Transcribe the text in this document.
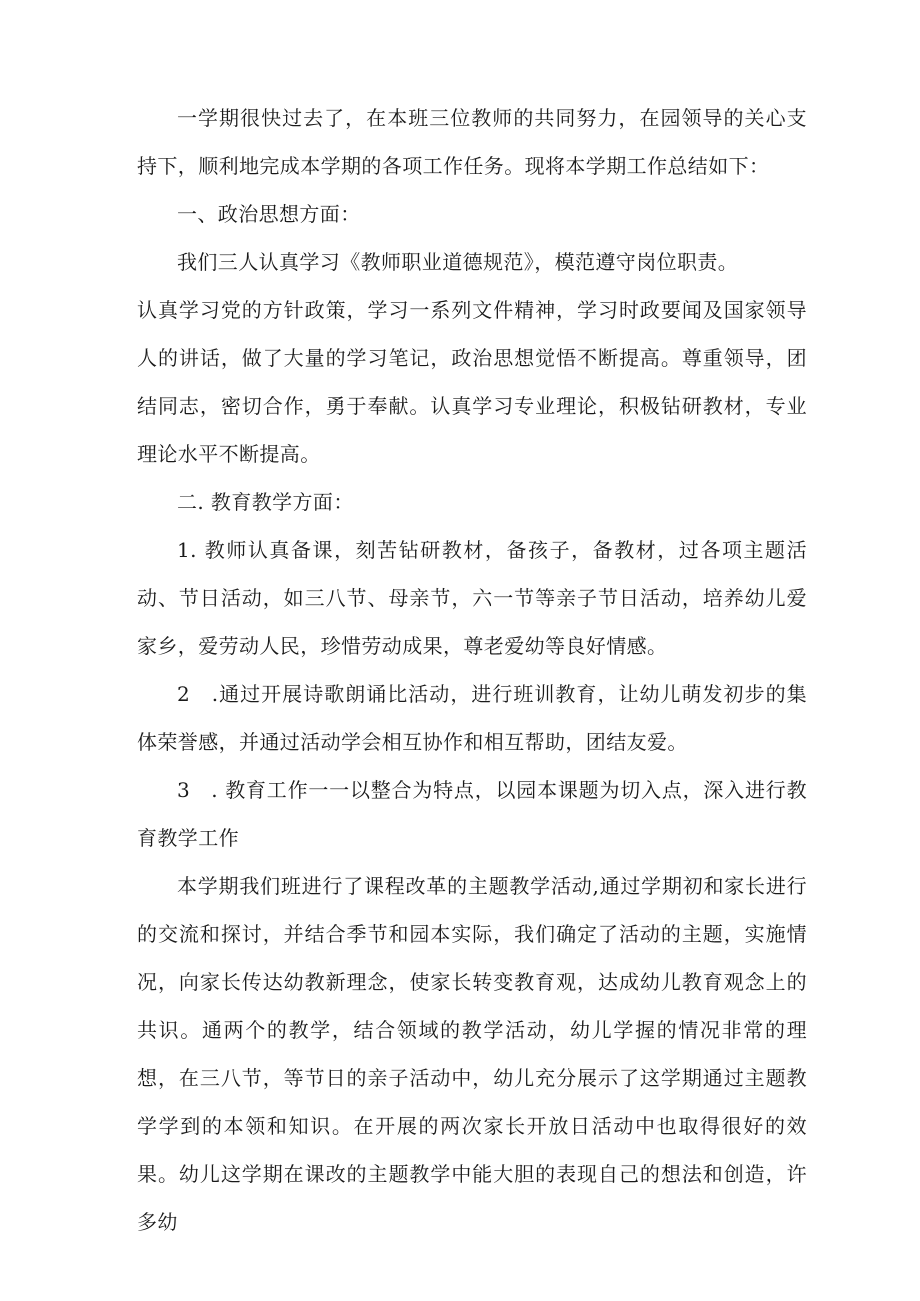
一学期很快过去了，在本班三位教师的共同努力，在园领导的关心支持下，顺利地完成本学期的各项工作任务。现将本学期工作总结如下：

一、政治思想方面：

我们三人认真学习《教师职业道德规范》，模范遵守岗位职责。

认真学习党的方针政策，学习一系列文件精神，学习时政要闻及国家领导人的讲话，做了大量的学习笔记，政治思想觉悟不断提高。尊重领导，团结同志，密切合作，勇于奉献。认真学习专业理论，积极钻研教材，专业理论水平不断提高。

二. 教育教学方面：

1. 教师认真备课，刻苦钻研教材，备孩子，备教材，过各项主题活动、节日活动，如三八节、母亲节，六一节等亲子节日活动，培养幼儿爱家乡，爱劳动人民，珍惜劳动成果，尊老爱幼等良好情感。

2　.通过开展诗歌朗诵比活动，进行班训教育，让幼儿萌发初步的集体荣誉感，并通过活动学会相互协作和相互帮助，团结友爱。

3　. 教育工作一一以整合为特点，以园本课题为切入点，深入进行教育教学工作

本学期我们班进行了课程改革的主题教学活动,通过学期初和家长进行的交流和探讨，并结合季节和园本实际，我们确定了活动的主题，实施情况，向家长传达幼教新理念，使家长转变教育观，达成幼儿教育观念上的共识。通两个的教学，结合领域的教学活动，幼儿学握的情况非常的理想，在三八节，等节日的亲子活动中，幼儿充分展示了这学期通过主题教学学到的本领和知识。在开展的两次家长开放日活动中也取得很好的效果。幼儿这学期在课改的主题教学中能大胆的表现自己的想法和创造，许多幼
